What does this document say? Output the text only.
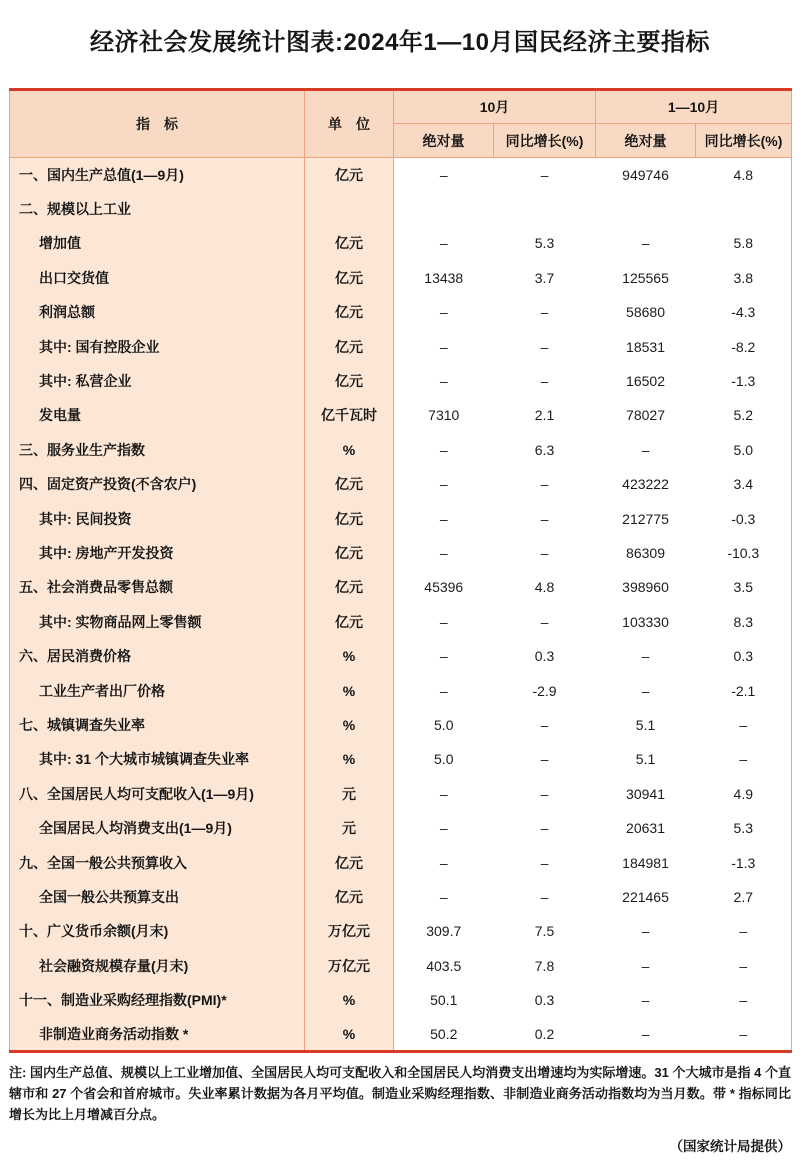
经济社会发展统计图表:2024年1—10月国民经济主要指标
指　标	单　位	10月		1—10月	
		绝对量	同比增长(%)	绝对量	同比增长(%)
一、国内生产总值(1—9月)	亿元	–	–	949746	4.8
二、规模以上工业					
增加值	亿元	–	5.3	–	5.8
出口交货值	亿元	13438	3.7	125565	3.8
利润总额	亿元	–	–	58680	-4.3
其中: 国有控股企业	亿元	–	–	18531	-8.2
其中: 私营企业	亿元	–	–	16502	-1.3
发电量	亿千瓦时	7310	2.1	78027	5.2
三、服务业生产指数	%	–	6.3	–	5.0
四、固定资产投资(不含农户)	亿元	–	–	423222	3.4
其中: 民间投资	亿元	–	–	212775	-0.3
其中: 房地产开发投资	亿元	–	–	86309	-10.3
五、社会消费品零售总额	亿元	45396	4.8	398960	3.5
其中: 实物商品网上零售额	亿元	–	–	103330	8.3
六、居民消费价格	%	–	0.3	–	0.3
工业生产者出厂价格	%	–	-2.9	–	-2.1
七、城镇调查失业率	%	5.0	–	5.1	–
其中: 31 个大城市城镇调查失业率	%	5.0	–	5.1	–
八、全国居民人均可支配收入(1—9月)	元	–	–	30941	4.9
全国居民人均消费支出(1—9月)	元	–	–	20631	5.3
九、全国一般公共预算收入	亿元	–	–	184981	-1.3
全国一般公共预算支出	亿元	–	–	221465	2.7
十、广义货币余额(月末)	万亿元	309.7	7.5	–	–
社会融资规模存量(月末)	万亿元	403.5	7.8	–	–
十一、制造业采购经理指数(PMI)*	%	50.1	0.3	–	–
非制造业商务活动指数 *	%	50.2	0.2	–	–

注: 国内生产总值、规模以上工业增加值、全国居民人均可支配收入和全国居民人均消费支出增速均为实际增速。31 个大城市是指 4 个直辖市和 27 个省会和首府城市。失业率累计数据为各月平均值。制造业采购经理指数、非制造业商务活动指数均为当月数。带 * 指标同比增长为比上月增减百分点。

（国家统计局提供）
